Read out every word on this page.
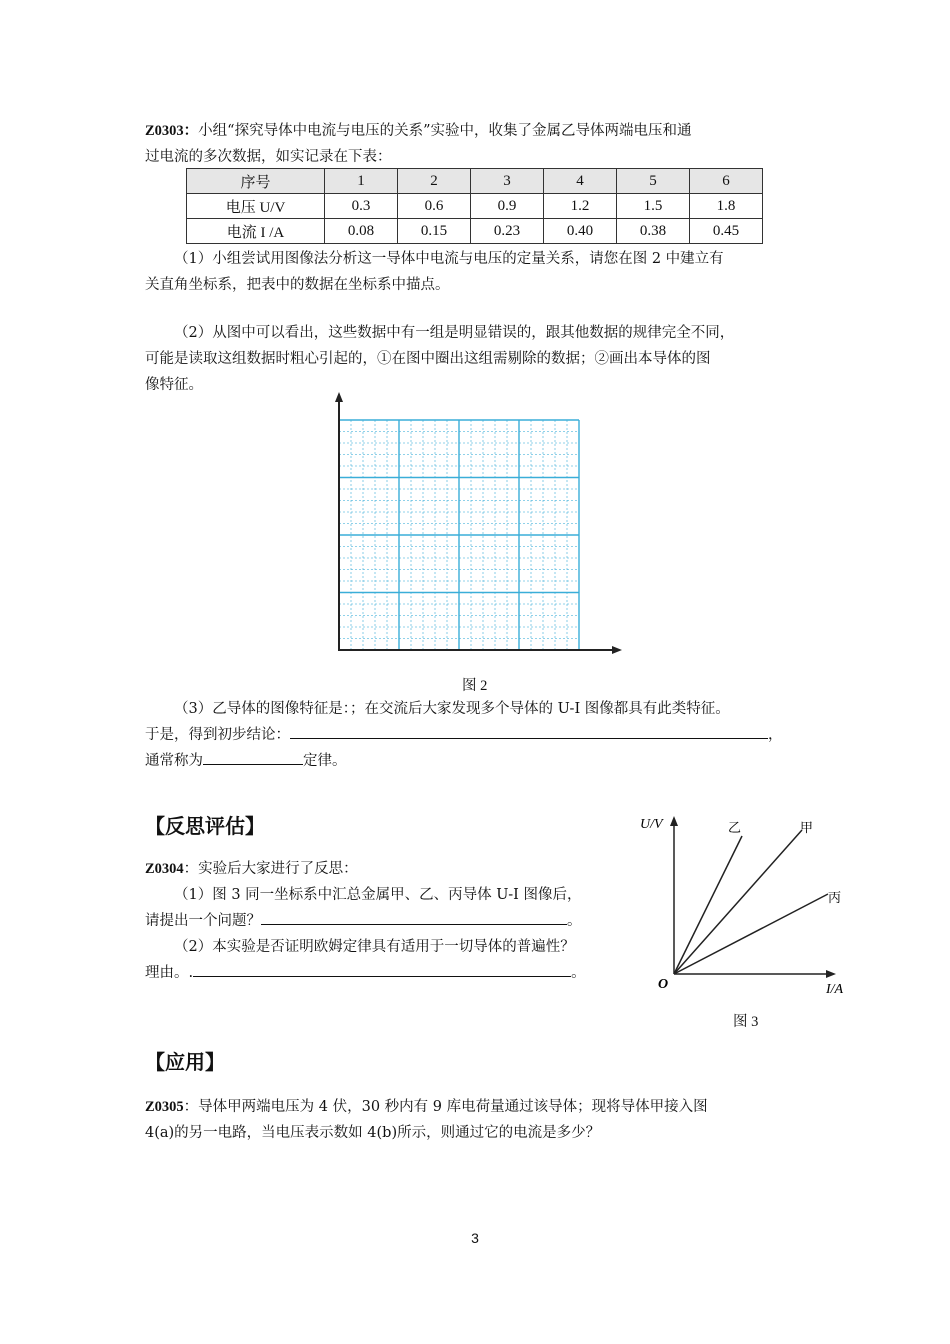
Z0303：小组“探究导体中电流与电压的关系”实验中，收集了金属乙导体两端电压和通
过电流的多次数据，如实记录在下表：
序号	1	2	3	4	5	6
电压 U/V	0.3	0.6	0.9	1.2	1.5	1.8
电流 I /A	0.08	0.15	0.23	0.40	0.38	0.45
（1）小组尝试用图像法分析这一导体中电流与电压的定量关系，请您在图 2 中建立有
关直角坐标系，把表中的数据在坐标系中描点。
（2）从图中可以看出，这些数据中有一组是明显错误的，跟其他数据的规律完全不同，
可能是读取这组数据时粗心引起的，①在图中圈出这组需剔除的数据；②画出本导体的图
像特征。
图 2
（3）乙导体的图像特征是：；在交流后大家发现多个导体的 U-I 图像都具有此类特征。
于是，得到初步结论：	，
通常称为	定律。
【反思评估】
Z0304：实验后大家进行了反思：
（1）图 3 同一坐标系中汇总金属甲、乙、丙导体 U-I 图像后，
请提出一个问题？	。
（2）本实验是否证明欧姆定律具有适用于一切导体的普遍性？
理由。.	。
U/V
I/A
O
乙	甲
丙
图 3
【应用】
Z0305：导体甲两端电压为 4 伏，30 秒内有 9 库电荷量通过该导体；现将导体甲接入图
4(a)的另一电路，当电压表示数如 4(b)所示，则通过它的电流是多少？
3
